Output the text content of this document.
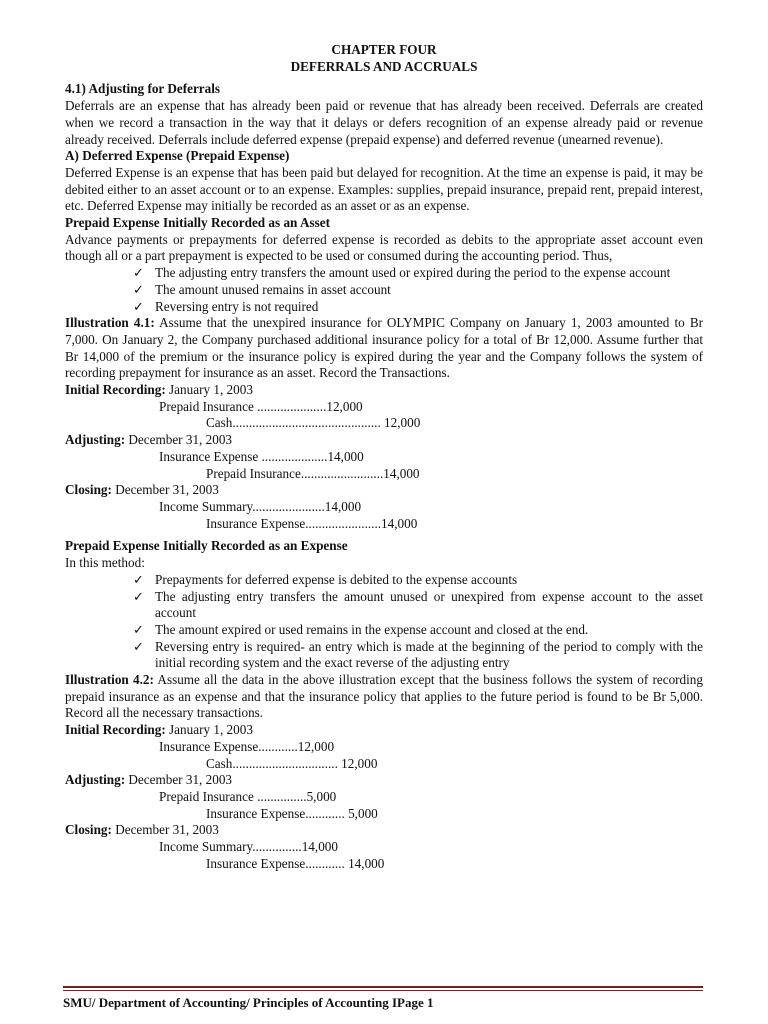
CHAPTER FOUR
DEFERRALS AND ACCRUALS
4.1) Adjusting for Deferrals
Deferrals are an expense that has already been paid or revenue that has already been received. Deferrals are created when we record a transaction in the way that it delays or defers recognition of an expense already paid or revenue already received. Deferrals include deferred expense (prepaid expense) and deferred revenue (unearned revenue).
A) Deferred Expense (Prepaid Expense)
Deferred Expense is an expense that has been paid but delayed for recognition. At the time an expense is paid, it may be debited either to an asset account or to an expense. Examples: supplies, prepaid insurance, prepaid rent, prepaid interest, etc. Deferred Expense may initially be recorded as an asset or as an expense.
Prepaid Expense Initially Recorded as an Asset
Advance payments or prepayments for deferred expense is recorded as debits to the appropriate asset account even though all or a part prepayment is expected to be used or consumed during the accounting period. Thus,
✓ The adjusting entry transfers the amount used or expired during the period to the expense account
✓ The amount unused remains in asset account
✓ Reversing entry is not required
Illustration 4.1: Assume that the unexpired insurance for OLYMPIC Company on January 1, 2003 amounted to Br 7,000. On January 2, the Company purchased additional insurance policy for a total of Br 12,000. Assume further that Br 14,000 of the premium or the insurance policy is expired during the year and the Company follows the system of recording prepayment for insurance as an asset. Record the Transactions.
Initial Recording: January 1, 2003
Prepaid Insurance .....................12,000
Cash............................................. 12,000
Adjusting: December 31, 2003
Insurance Expense ....................14,000
Prepaid Insurance.........................14,000
Closing: December 31, 2003
Income Summary......................14,000
Insurance Expense.......................14,000
Prepaid Expense Initially Recorded as an Expense
In this method:
✓ Prepayments for deferred expense is debited to the expense accounts
✓ The adjusting entry transfers the amount unused or unexpired from expense account to the asset account
✓ The amount expired or used remains in the expense account and closed at the end.
✓ Reversing entry is required- an entry which is made at the beginning of the period to comply with the initial recording system and the exact reverse of the adjusting entry
Illustration 4.2: Assume all the data in the above illustration except that the business follows the system of recording prepaid insurance as an expense and that the insurance policy that applies to the future period is found to be Br 5,000. Record all the necessary transactions.
Initial Recording: January 1, 2003
Insurance Expense............12,000
Cash................................ 12,000
Adjusting: December 31, 2003
Prepaid Insurance ...............5,000
Insurance Expense............ 5,000
Closing: December 31, 2003
Income Summary...............14,000
Insurance Expense............ 14,000
SMU/ Department of Accounting/ Principles of Accounting IPage 1
